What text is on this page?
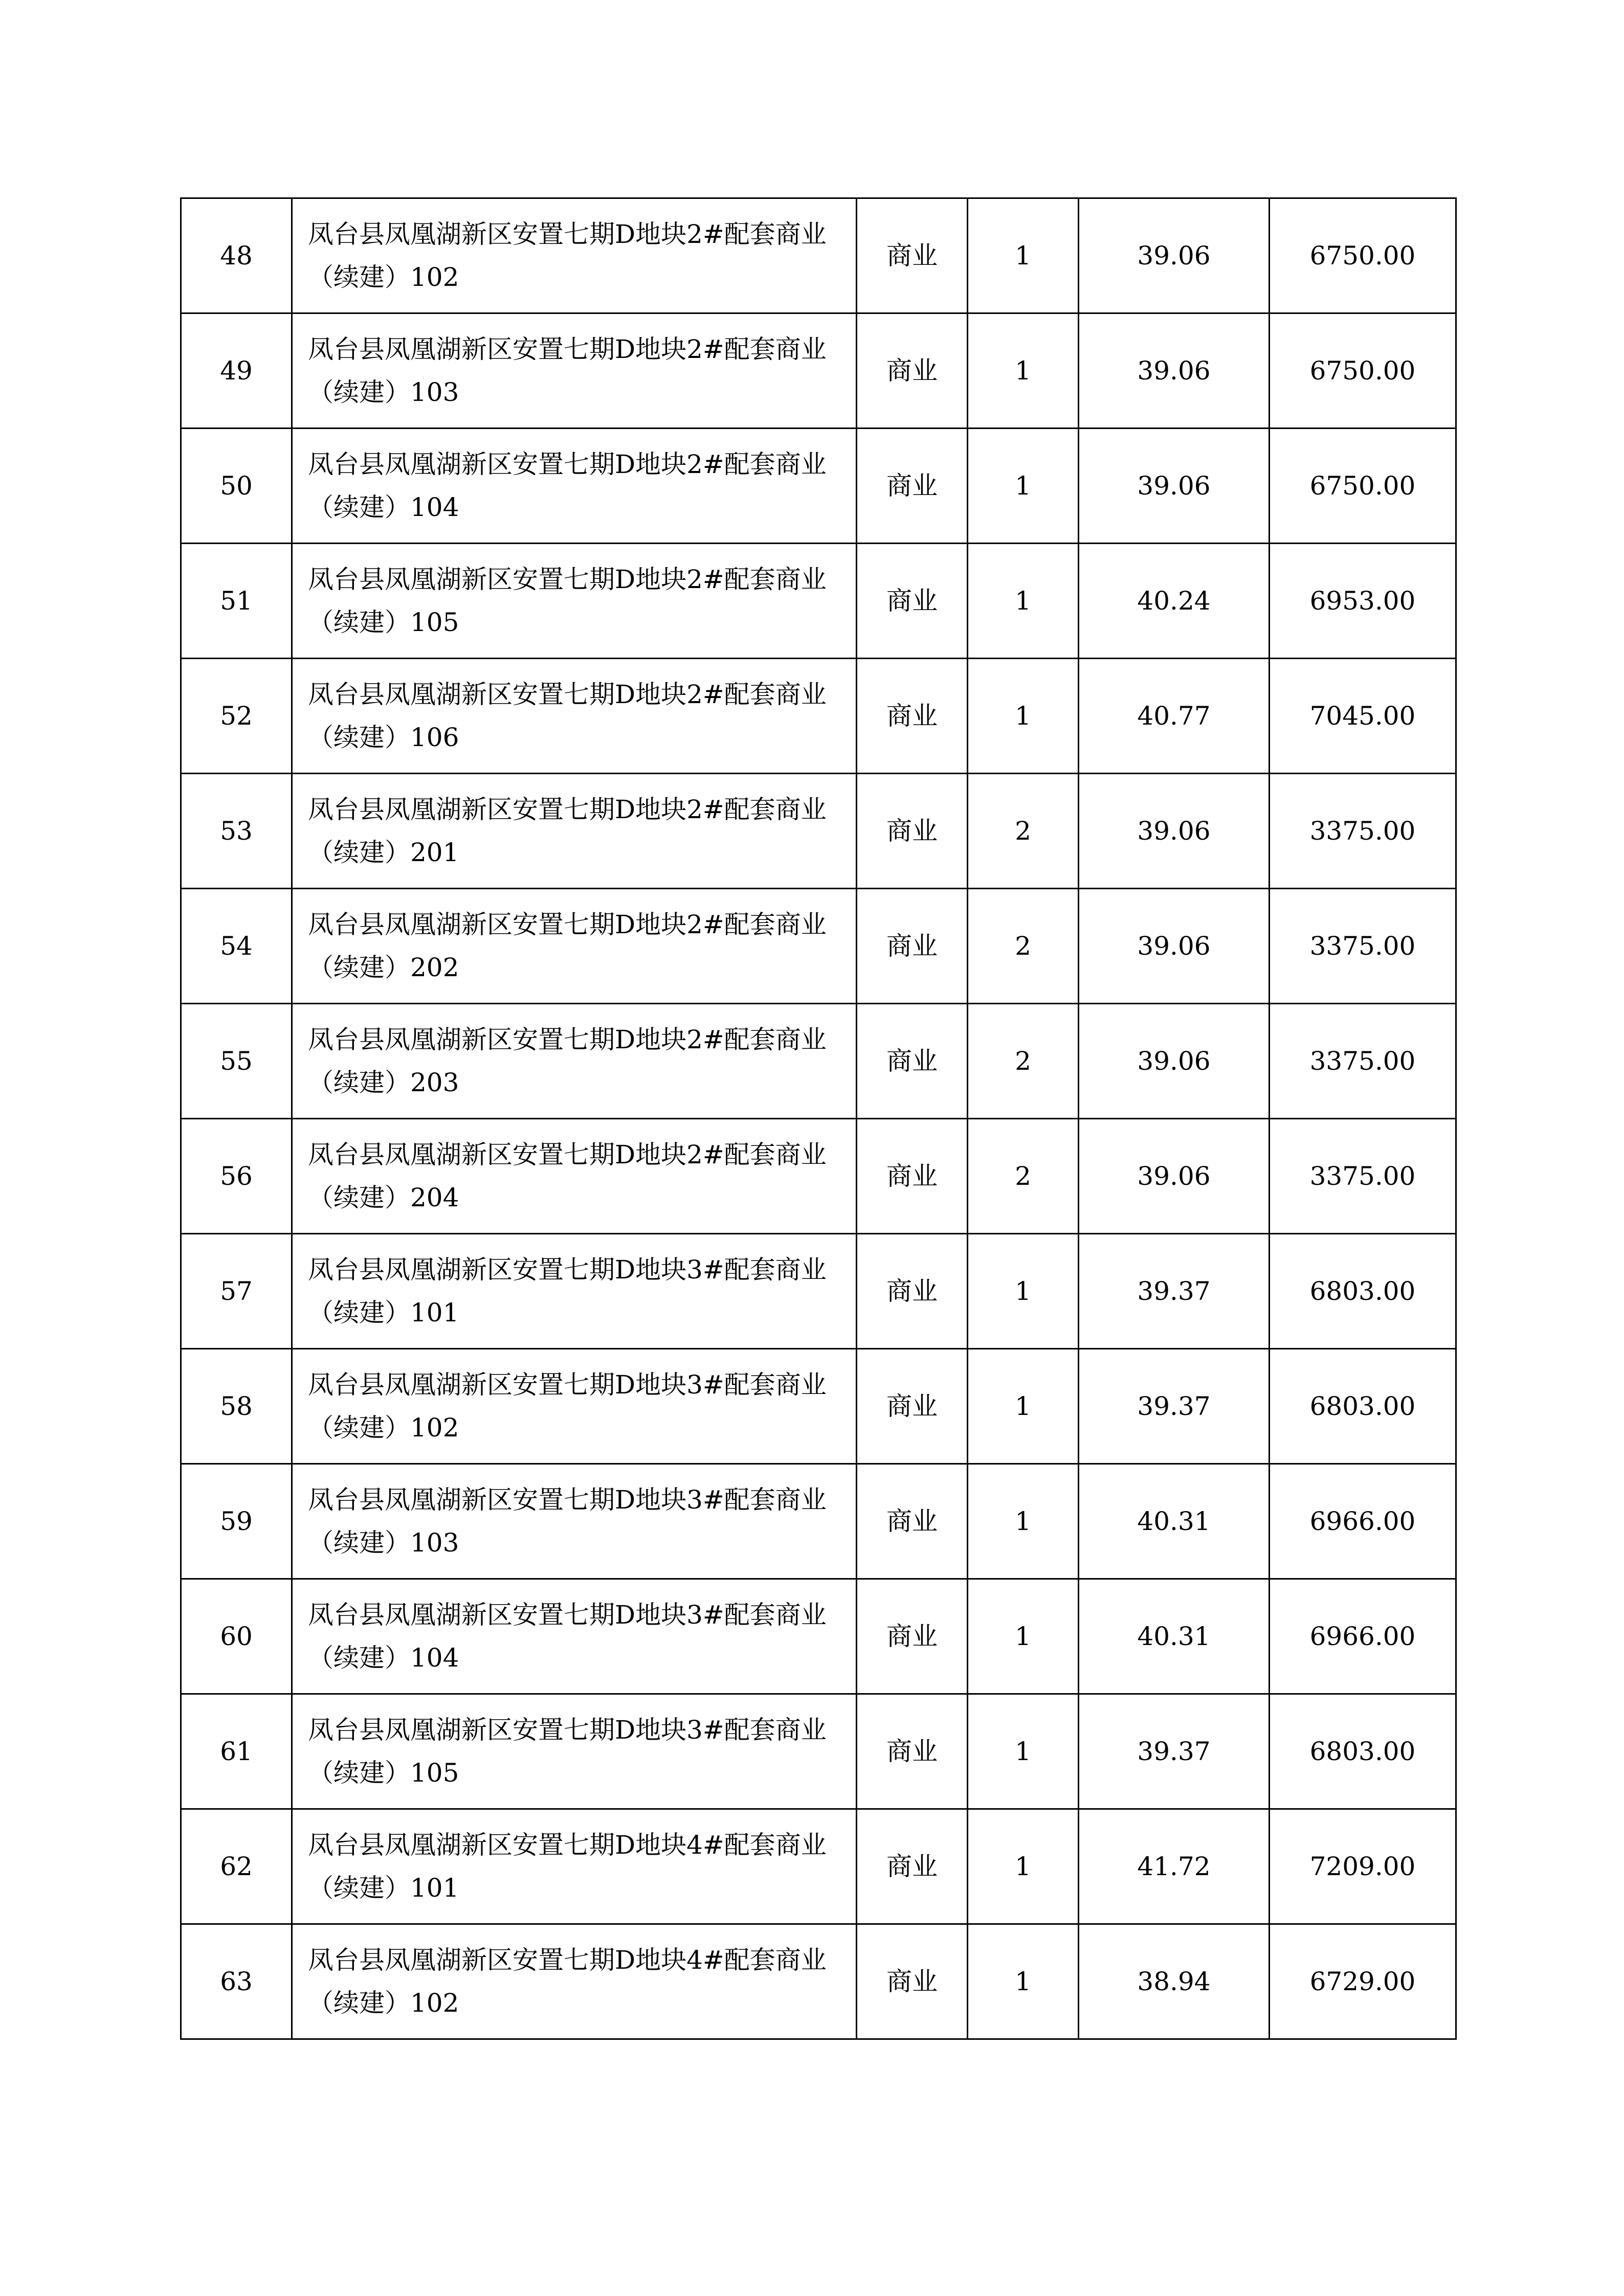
48	凤台县凤凰湖新区安置七期D地块2#配套商业（续建）102	商业	1	39.06	6750.00
49	凤台县凤凰湖新区安置七期D地块2#配套商业（续建）103	商业	1	39.06	6750.00
50	凤台县凤凰湖新区安置七期D地块2#配套商业（续建）104	商业	1	39.06	6750.00
51	凤台县凤凰湖新区安置七期D地块2#配套商业（续建）105	商业	1	40.24	6953.00
52	凤台县凤凰湖新区安置七期D地块2#配套商业（续建）106	商业	1	40.77	7045.00
53	凤台县凤凰湖新区安置七期D地块2#配套商业（续建）201	商业	2	39.06	3375.00
54	凤台县凤凰湖新区安置七期D地块2#配套商业（续建）202	商业	2	39.06	3375.00
55	凤台县凤凰湖新区安置七期D地块2#配套商业（续建）203	商业	2	39.06	3375.00
56	凤台县凤凰湖新区安置七期D地块2#配套商业（续建）204	商业	2	39.06	3375.00
57	凤台县凤凰湖新区安置七期D地块3#配套商业（续建）101	商业	1	39.37	6803.00
58	凤台县凤凰湖新区安置七期D地块3#配套商业（续建）102	商业	1	39.37	6803.00
59	凤台县凤凰湖新区安置七期D地块3#配套商业（续建）103	商业	1	40.31	6966.00
60	凤台县凤凰湖新区安置七期D地块3#配套商业（续建）104	商业	1	40.31	6966.00
61	凤台县凤凰湖新区安置七期D地块3#配套商业（续建）105	商业	1	39.37	6803.00
62	凤台县凤凰湖新区安置七期D地块4#配套商业（续建）101	商业	1	41.72	7209.00
63	凤台县凤凰湖新区安置七期D地块4#配套商业（续建）102	商业	1	38.94	6729.00
